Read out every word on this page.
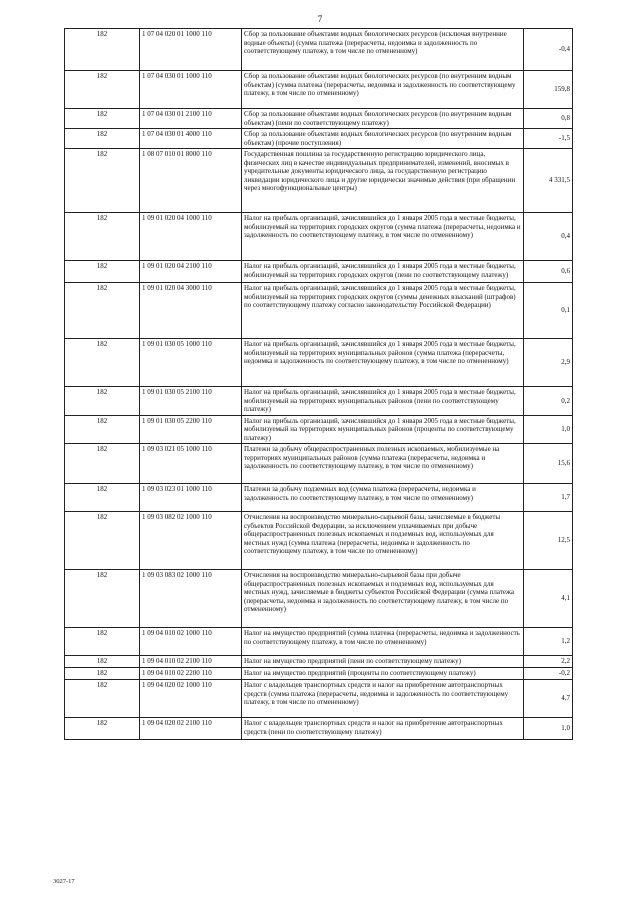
7
182	1 07 04 020 01 1000 110	Сбор за пользование объектами водных биологических ресурсов (исключая внутренние водные объекты) (сумма платежа (перерасчеты, недоимка и задолженность по соответствующему платежу, в том числе по отмененному)	-0,4
182	1 07 04 030 01 1000 110	Сбор за пользование объектами водных биологических ресурсов (по внутренним водным объектам) (сумма платежа (перерасчеты, недоимка и задолженность по соответствующему платежу, в том числе по отмененному)	159,8
182	1 07 04 030 01 2100 110	Сбор за пользование объектами водных биологических ресурсов (по внутренним водным объектам) (пени по соответствующему платежу)	0,8
182	1 07 04 030 01 4000 110	Сбор за пользование объектами водных биологических ресурсов (по внутренним водным объектам) (прочие поступления)	-1,5
182	1 08 07 010 01 8000 110	Государственная пошлина за государственную регистрацию юридического лица, физических лиц в качестве индивидуальных предпринимателей, изменений, вносимых в учредительные документы юридического лица, за государственную регистрацию ликвидации юридического лица и другие юридически значимые действия (при обращении через многофункциональные центры)	4 331,5
182	1 09 01 020 04 1000 110	Налог на прибыль организаций, зачислявшийся до 1 января 2005 года в местные бюджеты, мобилизуемый на территориях городских округов (сумма платежа (перерасчеты, недоимка и задолженность по соответствующему платежу, в том числе по отмененному)	0,4
182	1 09 01 020 04 2100 110	Налог на прибыль организаций, зачислявшийся до 1 января 2005 года в местные бюджеты, мобилизуемый на территориях городских округов (пени по соответствующему платежу)	0,6
182	1 09 01 020 04 3000 110	Налог на прибыль организаций, зачислявшийся до 1 января 2005 года в местные бюджеты, мобилизуемый на территориях городских округов (суммы денежных взысканий (штрафов) по соответствующему платежу согласно законодательству Российской Федерации)	0,1
182	1 09 01 030 05 1000 110	Налог на прибыль организаций, зачислявшийся до 1 января 2005 года в местные бюджеты, мобилизуемый на территориях муниципальных районов (сумма платежа (перерасчеты, недоимка и задолженность по соответствующему платежу, в том числе по отмененному)	2,9
182	1 09 01 030 05 2100 110	Налог на прибыль организаций, зачислявшийся до 1 января 2005 года в местные бюджеты, мобилизуемый на территориях муниципальных районов (пени по соответствующему платежу)	0,2
182	1 09 01 030 05 2200 110	Налог на прибыль организаций, зачислявшийся до 1 января 2005 года в местные бюджеты, мобилизуемый на территориях муниципальных районов (проценты по соответствующему платежу)	1,0
182	1 09 03 021 05 1000 110	Платежи за добычу общераспространенных полезных ископаемых, мобилизуемые на территориях муниципальных районов (сумма платежа (перерасчеты, недоимка и задолженность по соответствующему платежу, в том числе по отмененному)	15,6
182	1 09 03 023 01 1000 110	Платежи за добычу подземных вод (сумма платежа (перерасчеты, недоимка и задолженность по соответствующему платежу, в том числе по отмененному)	1,7
182	1 09 03 082 02 1000 110	Отчисления на воспроизводство минерально-сырьевой базы, зачисляемые в бюджеты субъектов Российской Федерации, за исключением уплачиваемых при добыче общераспространенных полезных ископаемых и подземных вод, используемых для местных нужд (сумма платежа (перерасчеты, недоимка и задолженность по соответствующему платежу, в том числе по отмененному)	12,5
182	1 09 03 083 02 1000 110	Отчисления на воспроизводство минерально-сырьевой базы при добыче общераспространенных полезных ископаемых и подземных вод, используемых для местных нужд, зачисляемые в бюджеты субъектов Российской Федерации (сумма платежа (перерасчеты, недоимка и задолженность по соответствующему платежу, в том числе по отмененному)	4,1
182	1 09 04 010 02 1000 110	Налог на имущество предприятий (сумма платежа (перерасчеты, недоимка и задолженность по соответствующему платежу, в том числе по отмененному)	1,2
182	1 09 04 010 02 2100 110	Налог на имущество предприятий (пени по соответствующему платежу)	2,2
182	1 09 04 010 02 2200 110	Налог на имущество предприятий (проценты по соответствующему платежу)	-0,2
182	1 09 04 020 02 1000 110	Налог с владельцев транспортных средств и налог на приобретение автотранспортных средств (сумма платежа (перерасчеты, недоимка и задолженность по соответствующему платежу, в том числе по отмененному)	4,7
182	1 09 04 020 02 2100 110	Налог с владельцев транспортных средств и налог на приобретение автотранспортных средств (пени по соответствующему платежу)	1,0
3027-17
